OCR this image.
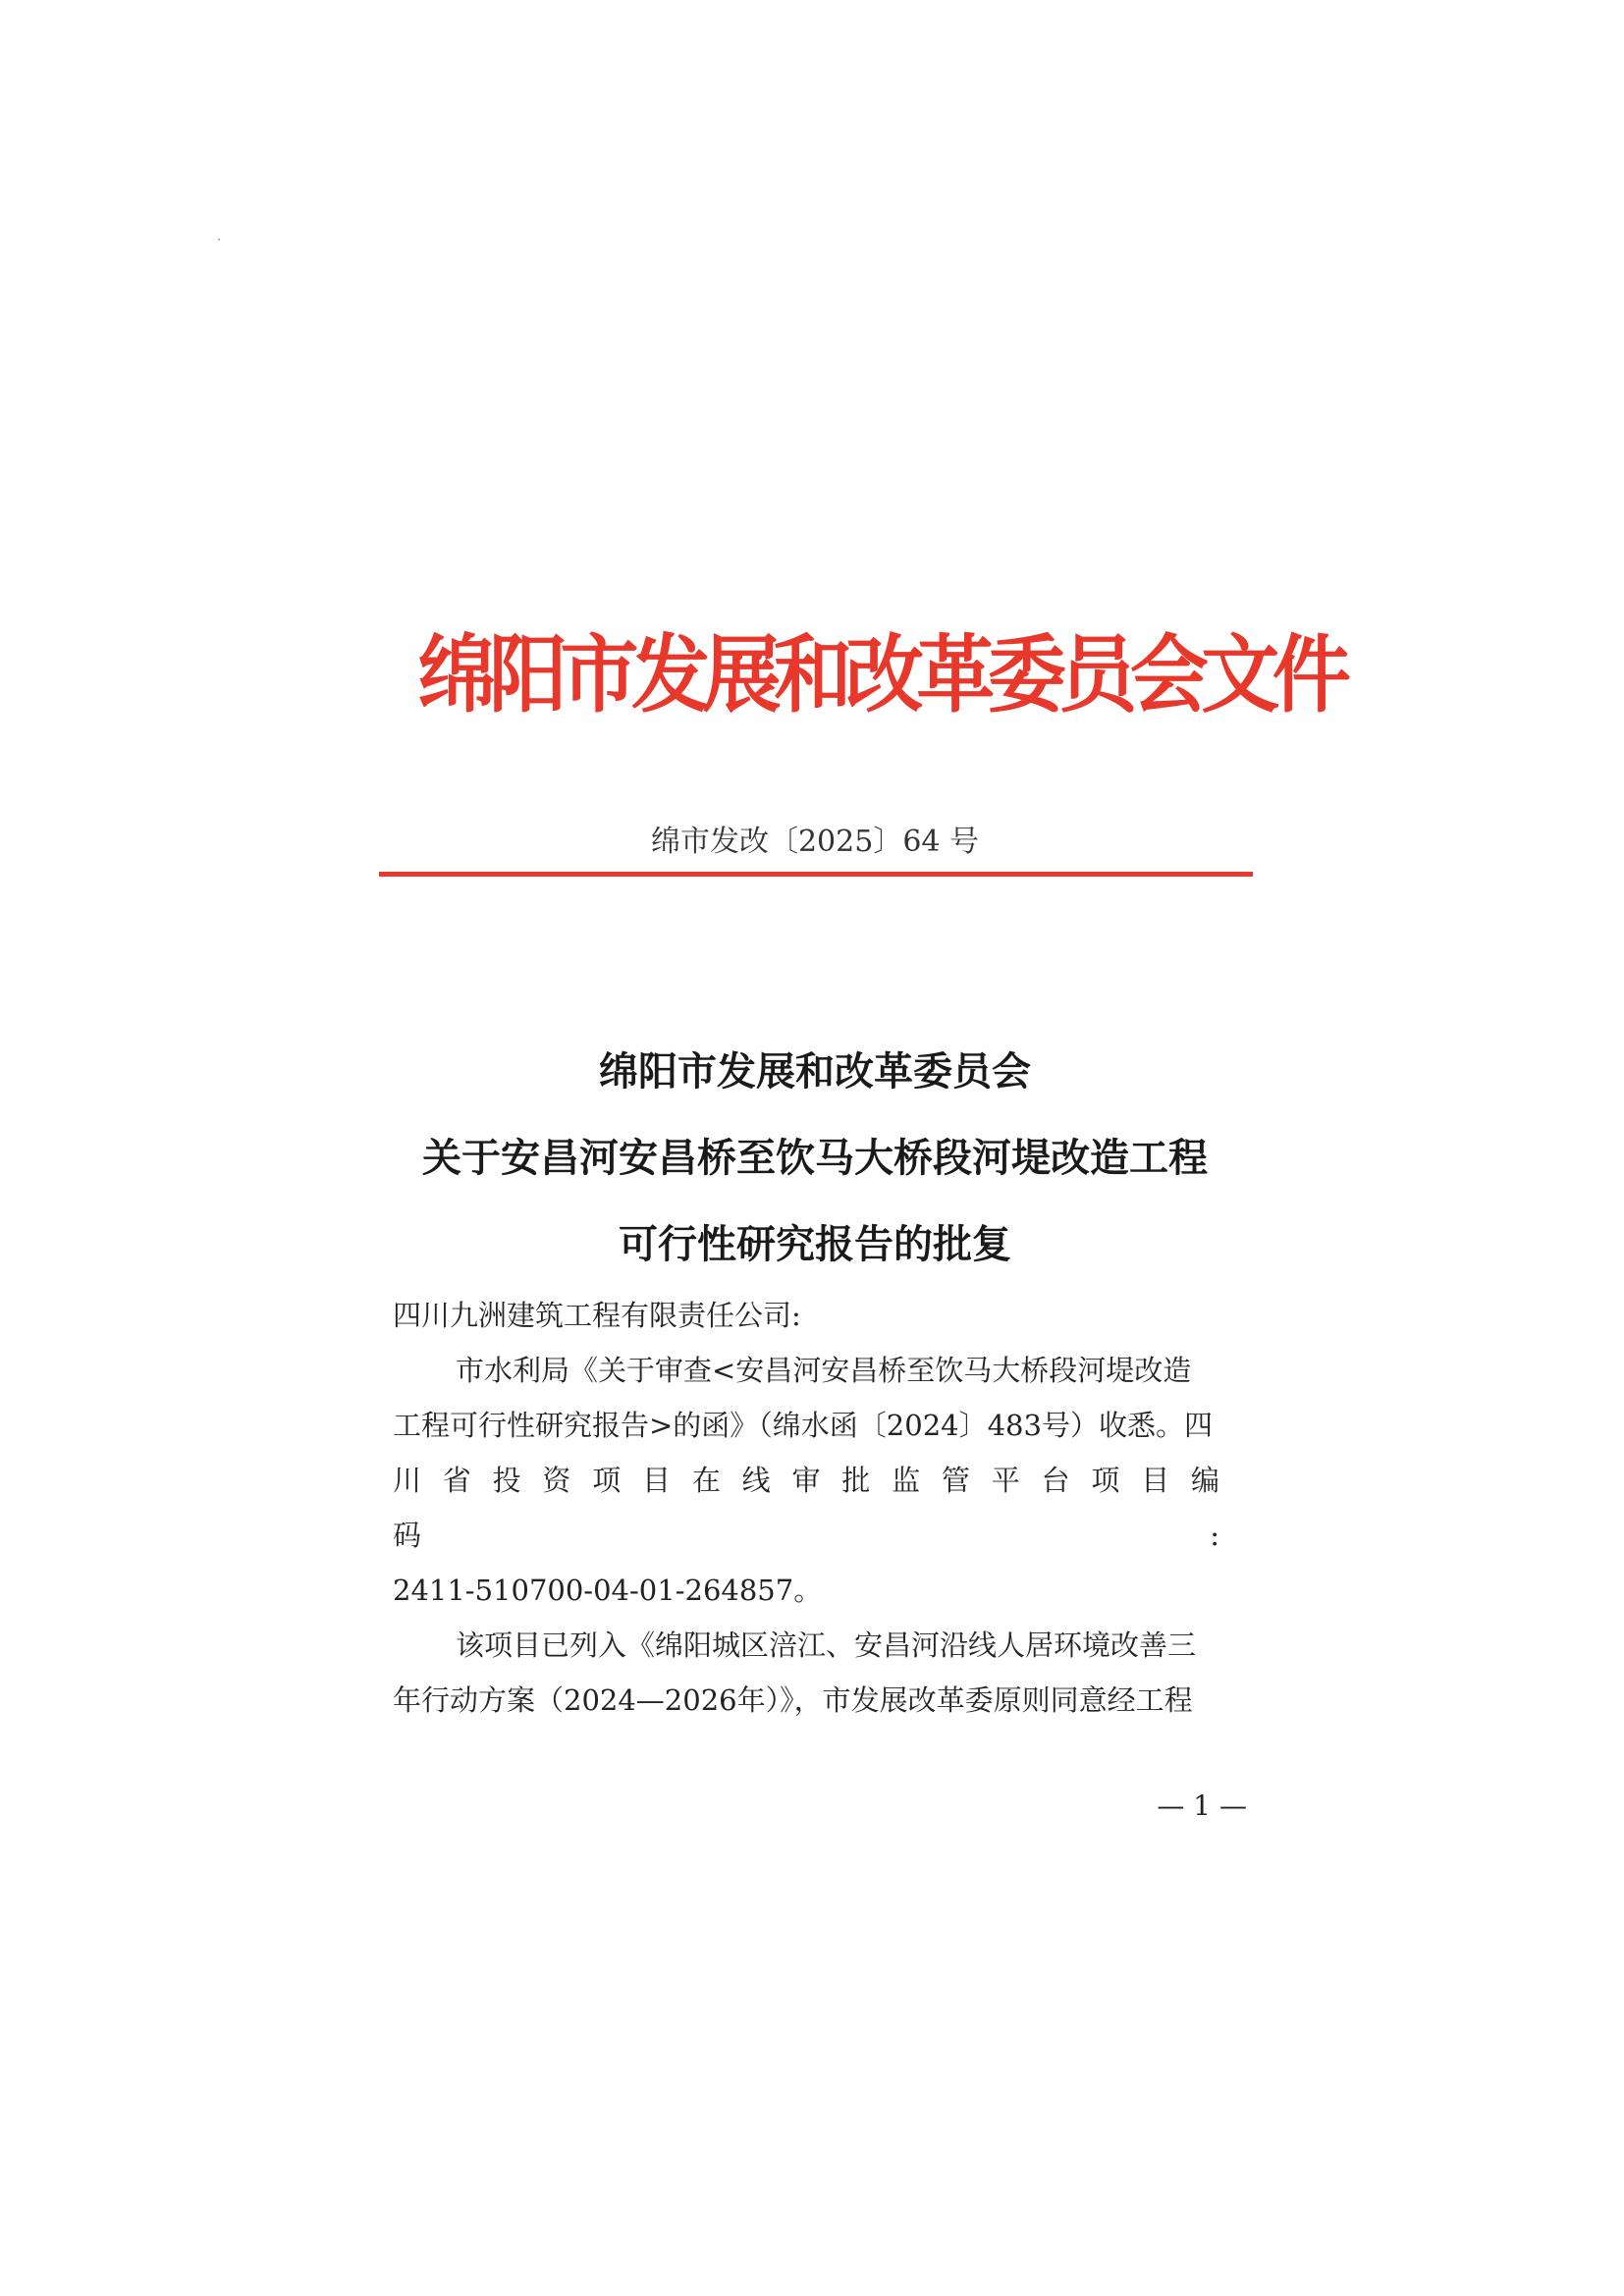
绵阳市发展和改革委员会文件
绵市发改〔2025〕64 号
绵阳市发展和改革委员会
关于安昌河安昌桥至饮马大桥段河堤改造工程
可行性研究报告的批复

四川九洲建筑工程有限责任公司:

市水利局《关于审查<安昌河安昌桥至饮马大桥段河堤改造
工程可行性研究报告>的函》（绵水函〔2024〕483号）收悉。四
川省投资项目在线审批监管平台项目编码:
2411-510700-04-01-264857。

该项目已列入《绵阳城区涪江、安昌河沿线人居环境改善三
年行动方案（2024—2026年）》，市发展改革委原则同意经工程

— 1 —
